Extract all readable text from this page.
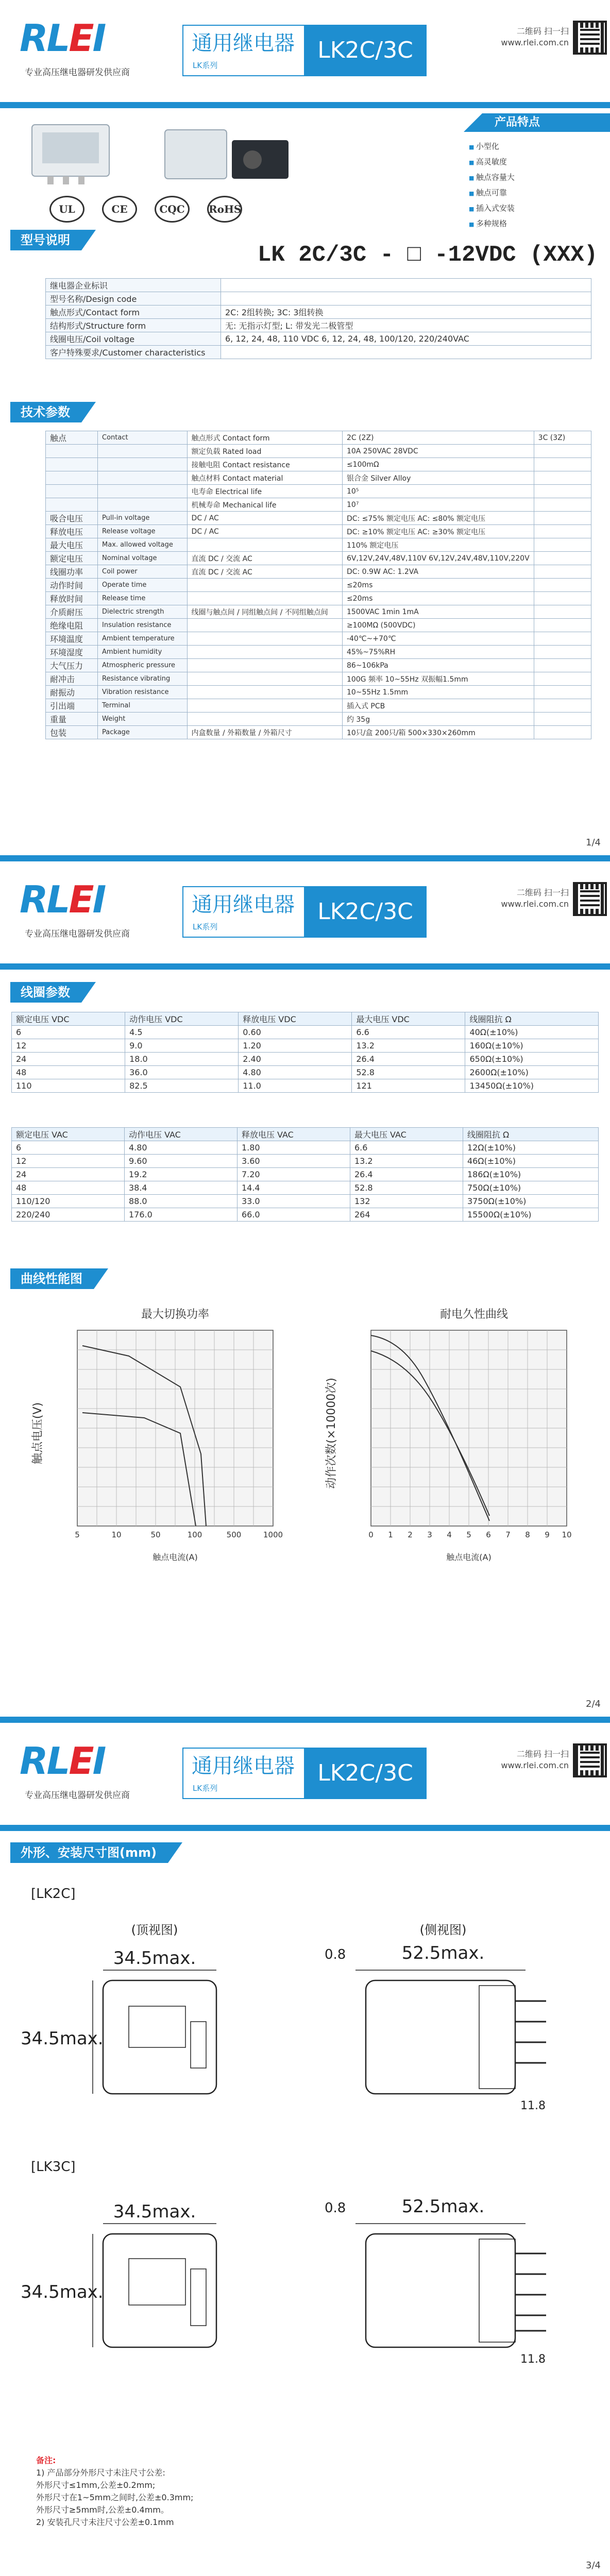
RLEI
专业高压继电器研发供应商
通用继电器
LK系列
LK2C/3C
二维码 扫一扫
www.rlei.com.cn
产品特点
■ 小型化
■ 高灵敏度
■ 触点容量大
■ 触点可靠
■ 插入式安装
■ 多种规格
UL	CE	CQC	RoHS
型号说明
LK 2C/3C - □ -12VDC (XXX)
继电器企业标识	
型号名称/Design code	
触点形式/Contact form	2C: 2组转换; 3C: 3组转换
结构形式/Structure form	无: 无指示灯型; L: 带发光二极管型
线圈电压/Coil voltage	6, 12, 24, 48, 110 VDC 6, 12, 24, 48, 100/120, 220/240VAC
客户特殊要求/Customer characteristics	
技术参数
触点	Contact	触点形式 Contact form	2C (2Z)	3C (3Z)
		额定负载 Rated load	10A 250VAC 28VDC	
		接触电阻 Contact resistance	≤100mΩ	
		触点材料 Contact material	银合金 Silver Alloy	
		电寿命 Electrical life	10⁵	
		机械寿命 Mechanical life	10⁷	
吸合电压	Pull-in voltage	DC / AC	DC: ≤75% 额定电压 AC: ≤80% 额定电压	
释放电压	Release voltage	DC / AC	DC: ≥10% 额定电压 AC: ≥30% 额定电压	
最大电压	Max. allowed voltage		110% 额定电压	
额定电压	Nominal voltage	直流 DC / 交流 AC	6V,12V,24V,48V,110V 6V,12V,24V,48V,110V,220V	
线圈功率	Coil power	直流 DC / 交流 AC	DC: 0.9W AC: 1.2VA	
动作时间	Operate time		≤20ms	
释放时间	Release time		≤20ms	
介质耐压	Dielectric strength	线圈与触点间 / 同组触点间 / 不同组触点间	1500VAC 1min 1mA	
绝缘电阻	Insulation resistance		≥100MΩ (500VDC)	
环境温度	Ambient temperature		-40℃~+70℃	
环境湿度	Ambient humidity		45%~75%RH	
大气压力	Atmospheric pressure		86~106kPa	
耐冲击	Resistance vibrating		100G 频率 10~55Hz 双振幅1.5mm	
耐振动	Vibration resistance		10~55Hz 1.5mm	
引出端	Terminal		插入式 PCB	
重量	Weight		约 35g	
包装	Package	内盒数量 / 外箱数量 / 外箱尺寸	10只/盒 200只/箱 500×330×260mm	
1/4
RLEI
专业高压继电器研发供应商
通用继电器
LK系列
LK2C/3C
二维码 扫一扫
www.rlei.com.cn
线圈参数
额定电压 VDC	动作电压 VDC	释放电压 VDC	最大电压 VDC	线圈阻抗 Ω
6	4.5	0.60	6.6	40Ω(±10%)
12	9.0	1.20	13.2	160Ω(±10%)
24	18.0	2.40	26.4	650Ω(±10%)
48	36.0	4.80	52.8	2600Ω(±10%)
110	82.5	11.0	121	13450Ω(±10%)
额定电压 VAC	动作电压 VAC	释放电压 VAC	最大电压 VAC	线圈阻抗 Ω
6	4.80	1.80	6.6	12Ω(±10%)
12	9.60	3.60	13.2	46Ω(±10%)
24	19.2	7.20	26.4	186Ω(±10%)
48	38.4	14.4	52.8	750Ω(±10%)
110/120	88.0	33.0	132	3750Ω(±10%)
220/240	176.0	66.0	264	15500Ω(±10%)
曲线性能图
最大切换功率
触点电压(V)
5	10	50	100	500	1000
触点电流(A)
耐电久性曲线
动作次数(×10000次)
0 1 2 3 4 5 6 7 8 9 10
触点电流(A)
2/4
RLEI
专业高压继电器研发供应商
通用继电器
LK系列
LK2C/3C
二维码 扫一扫
www.rlei.com.cn
外形、安装尺寸图(mm)
[LK2C]
(顶视图)	(侧视图)
34.5max.
34.5max.
0.8	52.5max.
11.8
[LK3C]
34.5max.
34.5max.
0.8	52.5max.
11.8
备注:
1) 产品部分外形尺寸未注尺寸公差:
外形尺寸≤1mm,公差±0.2mm;
外形尺寸在1~5mm之间时,公差±0.3mm;
外形尺寸≥5mm时,公差±0.4mm。
2) 安装孔尺寸未注尺寸公差±0.1mm
3/4
